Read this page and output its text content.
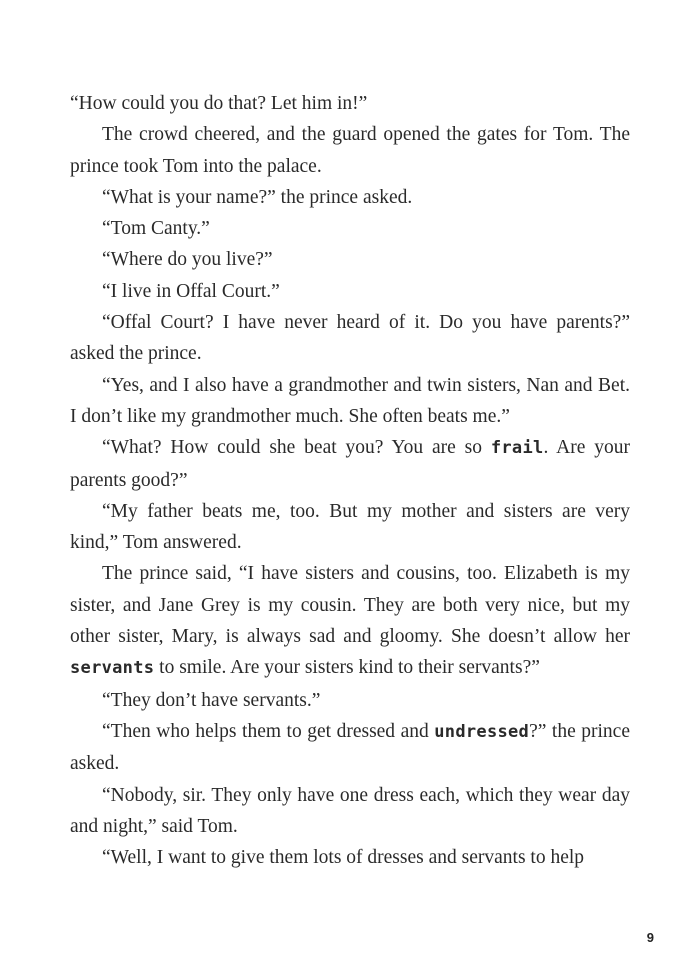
“How could you do that? Let him in!”

The crowd cheered, and the guard opened the gates for Tom. The prince took Tom into the palace.

“What is your name?” the prince asked.

“Tom Canty.”

“Where do you live?”

“I live in Offal Court.”

“Offal Court? I have never heard of it. Do you have parents?” asked the prince.

“Yes, and I also have a grandmother and twin sisters, Nan and Bet. I don’t like my grandmother much. She often beats me.”

“What? How could she beat you? You are so frail. Are your parents good?”

“My father beats me, too. But my mother and sisters are very kind,” Tom answered.

The prince said, “I have sisters and cousins, too. Elizabeth is my sister, and Jane Grey is my cousin. They are both very nice, but my other sister, Mary, is always sad and gloomy. She doesn’t allow her servants to smile. Are your sisters kind to their servants?”

“They don’t have servants.”

“Then who helps them to get dressed and undressed?” the prince asked.

“Nobody, sir. They only have one dress each, which they wear day and night,” said Tom.

“Well, I want to give them lots of dresses and servants to help

9
